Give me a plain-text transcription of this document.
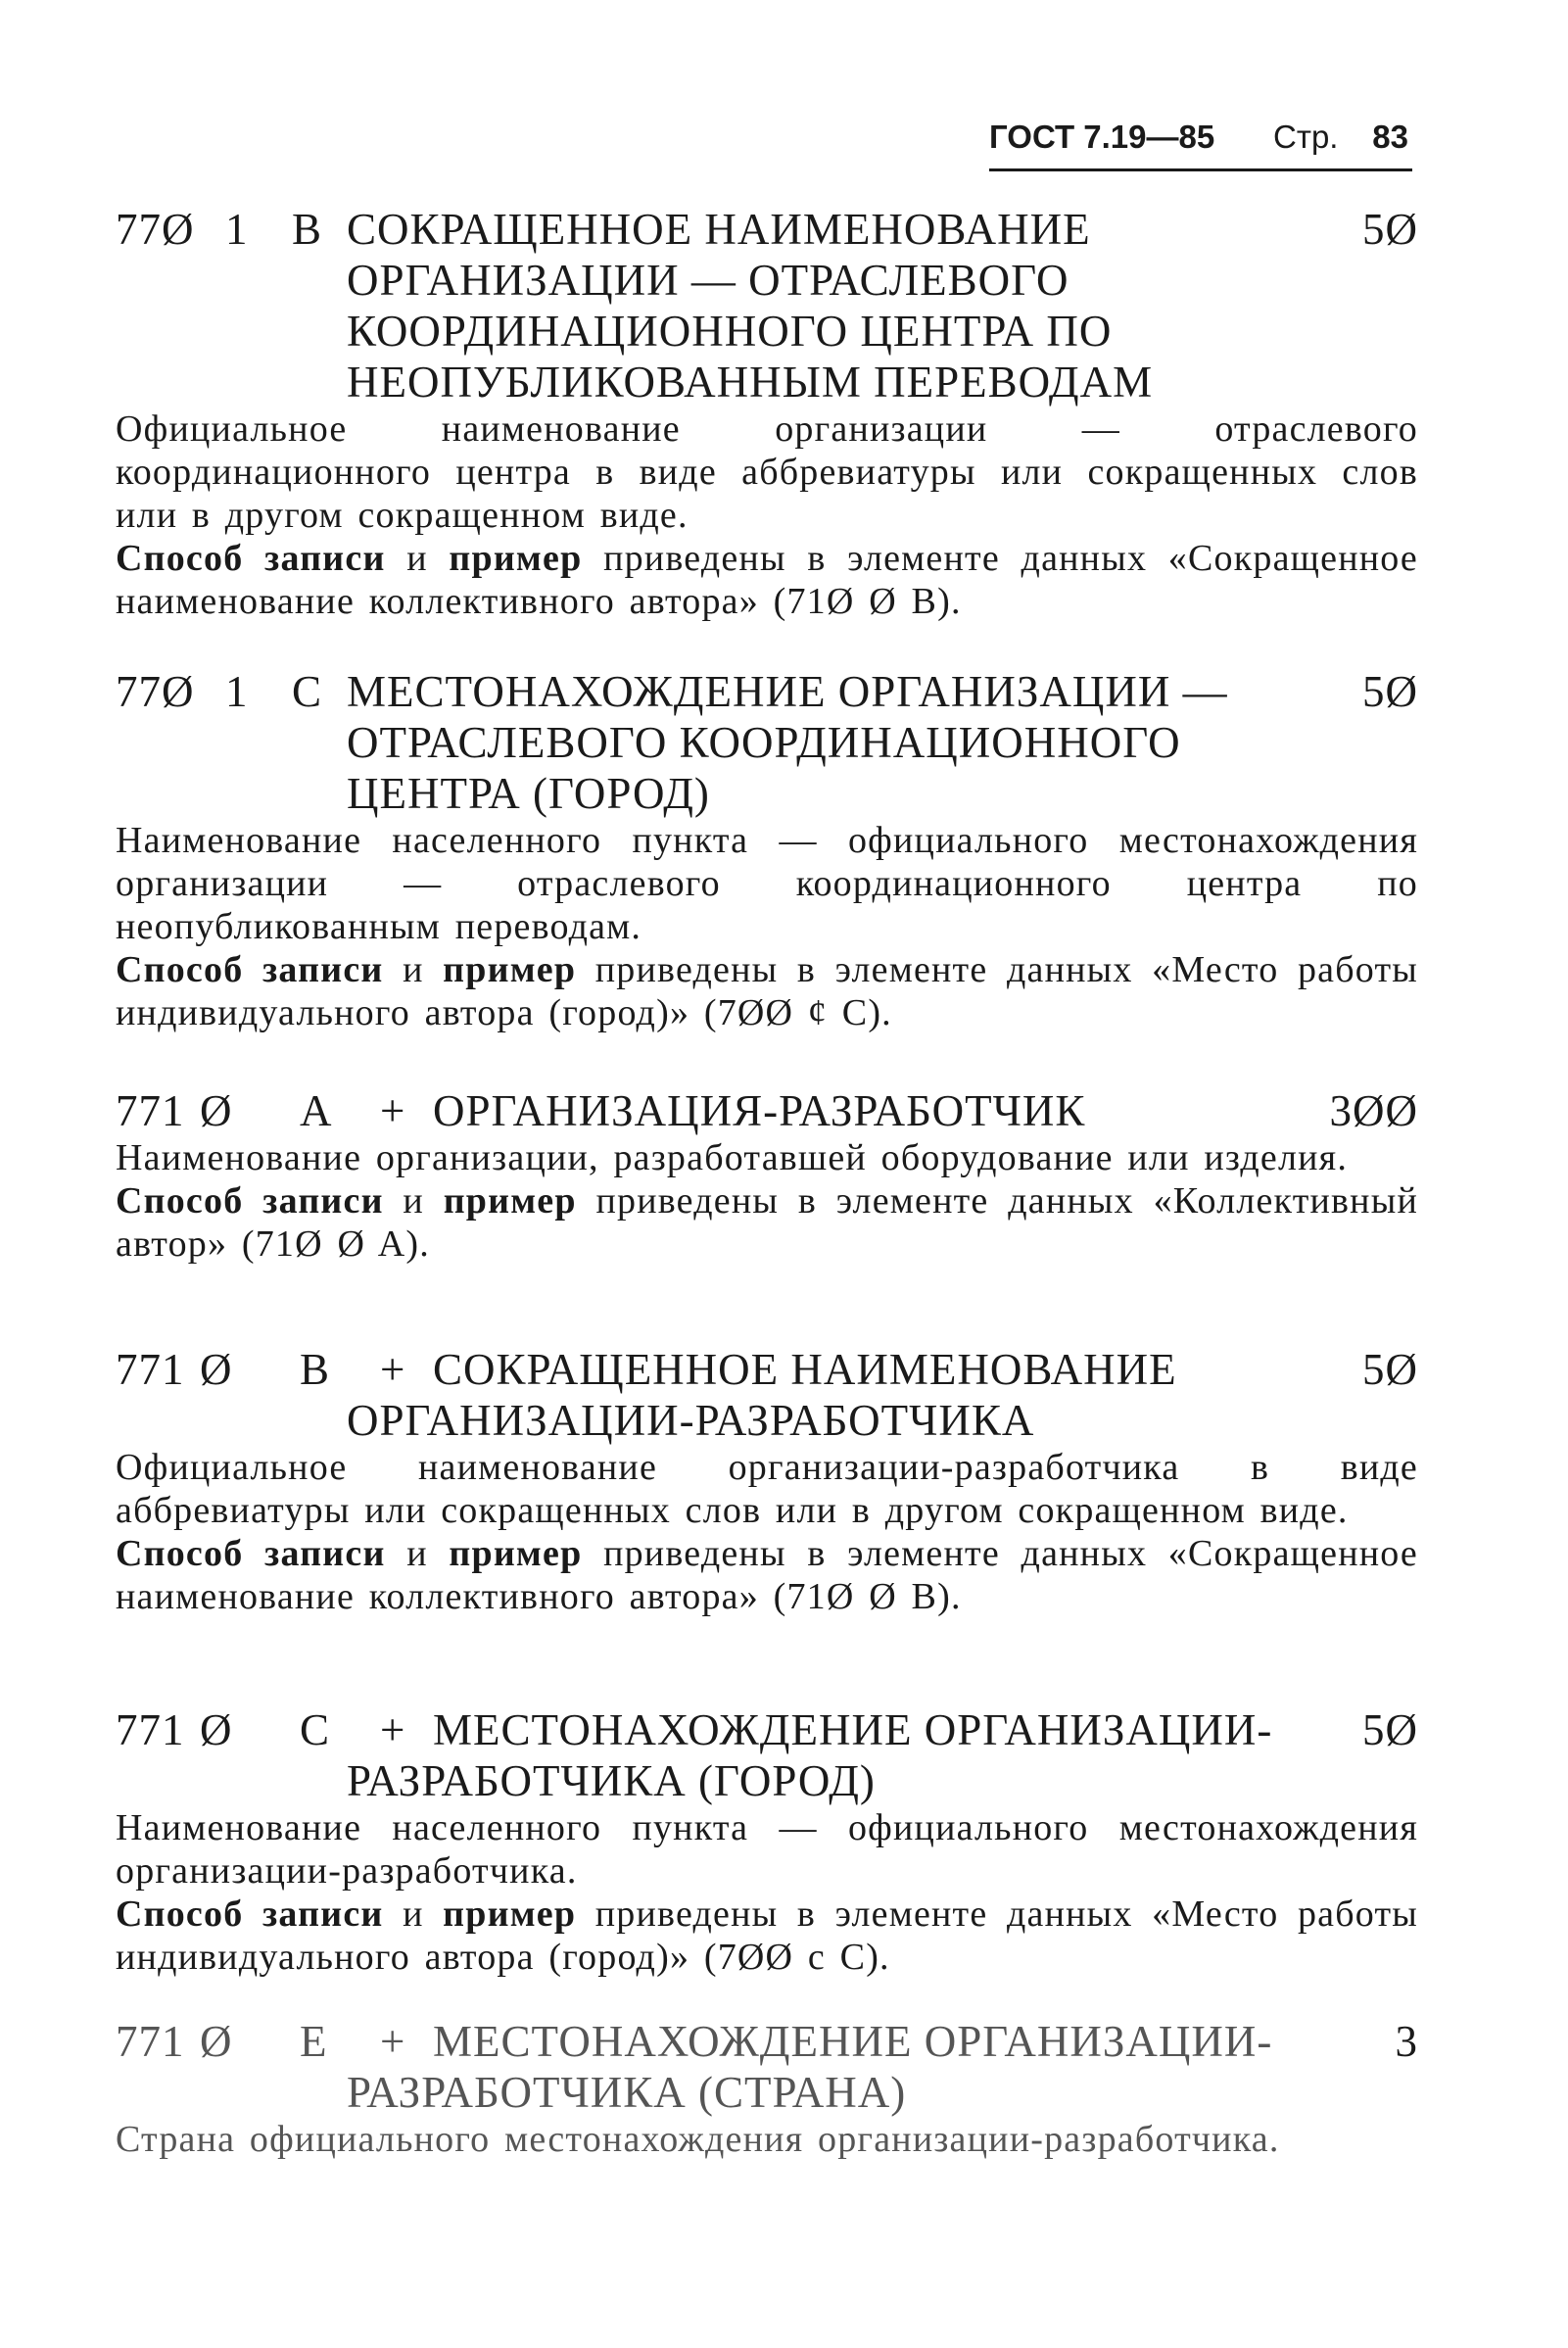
ГОСТ 7.19—85 Стр. 83
77Ø 1 B СОКРАЩЕННОЕ НАИМЕНОВАНИЕ	5Ø
ОРГАНИЗАЦИИ — ОТРАСЛЕВОГО
КООРДИНАЦИОННОГО ЦЕНТРА ПО
НЕОПУБЛИКОВАННЫМ ПЕРЕВОДАМ
Официальное наименование организации — отраслевого координационного центра в виде аббревиатуры или сокращенных слов или в другом сокращенном виде.
Способ записи и пример приведены в элементе данных «Сокращенное наименование коллективного автора» (71Ø Ø B).
77Ø 1 C МЕСТОНАХОЖДЕНИЕ ОРГАНИЗАЦИИ —	5Ø
ОТРАСЛЕВОГО КООРДИНАЦИОННОГО
ЦЕНТРА (ГОРОД)
Наименование населенного пункта — официального местонахождения организации — отраслевого координационного центра по неопубликованным переводам.
Способ записи и пример приведены в элементе данных «Место работы индивидуального автора (город)» (7ØØ ¢ C).
771 Ø A + ОРГАНИЗАЦИЯ-РАЗРАБОТЧИК	3ØØ
Наименование организации, разработавшей оборудование или изделия.
Способ записи и пример приведены в элементе данных «Коллективный автор» (71Ø Ø A).
771 Ø B + СОКРАЩЕННОЕ НАИМЕНОВАНИЕ	5Ø
ОРГАНИЗАЦИИ-РАЗРАБОТЧИКА
Официальное наименование организации-разработчика в виде аббревиатуры или сокращенных слов или в другом сокращенном виде.
Способ записи и пример приведены в элементе данных «Сокращенное наименование коллективного автора» (71Ø Ø B).
771 Ø C + МЕСТОНАХОЖДЕНИЕ ОРГАНИЗАЦИИ- 5Ø
РАЗРАБОТЧИКА (ГОРОД)
Наименование населенного пункта — официального местонахождения организации-разработчика.
Способ записи и пример приведены в элементе данных «Место работы индивидуального автора (город)» (7ØØ c C).
771 Ø E + МЕСТОНАХОЖДЕНИЕ ОРГАНИЗАЦИИ-	3
РАЗРАБОТЧИКА (СТРАНА)
Страна официального местонахождения организации-разработчика.
